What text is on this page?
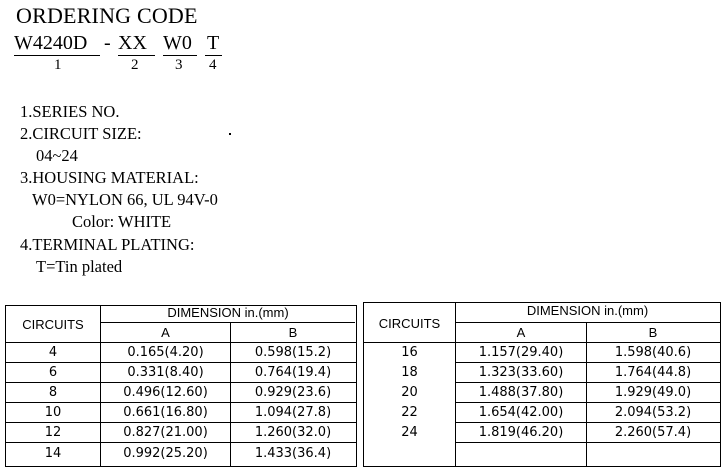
ORDERING CODE
W4240D
1
- XX
2
W0
3
T
4
1.SERIES NO.
2.CIRCUIT SIZE:
04~24
3.HOUSING MATERIAL:
W0=NYLON 66, UL 94V-0
Color: WHITE
4.TERMINAL PLATING:
T=Tin plated
CIRCUITS
DIMENSION in.(mm)
A	B
4	0.165(4.20)	0.598(15.2)
6	0.331(8.40)	0.764(19.4)
8	0.496(12.60)	0.929(23.6)
10	0.661(16.80)	1.094(27.8)
12	0.827(21.00)	1.260(32.0)
14	0.992(25.20)	1.433(36.4)
CIRCUITS
DIMENSION in.(mm)
A	B
16	1.157(29.40)	1.598(40.6)
18	1.323(33.60)	1.764(44.8)
20	1.488(37.80)	1.929(49.0)
22	1.654(42.00)	2.094(53.2)
24	1.819(46.20)	2.260(57.4)
